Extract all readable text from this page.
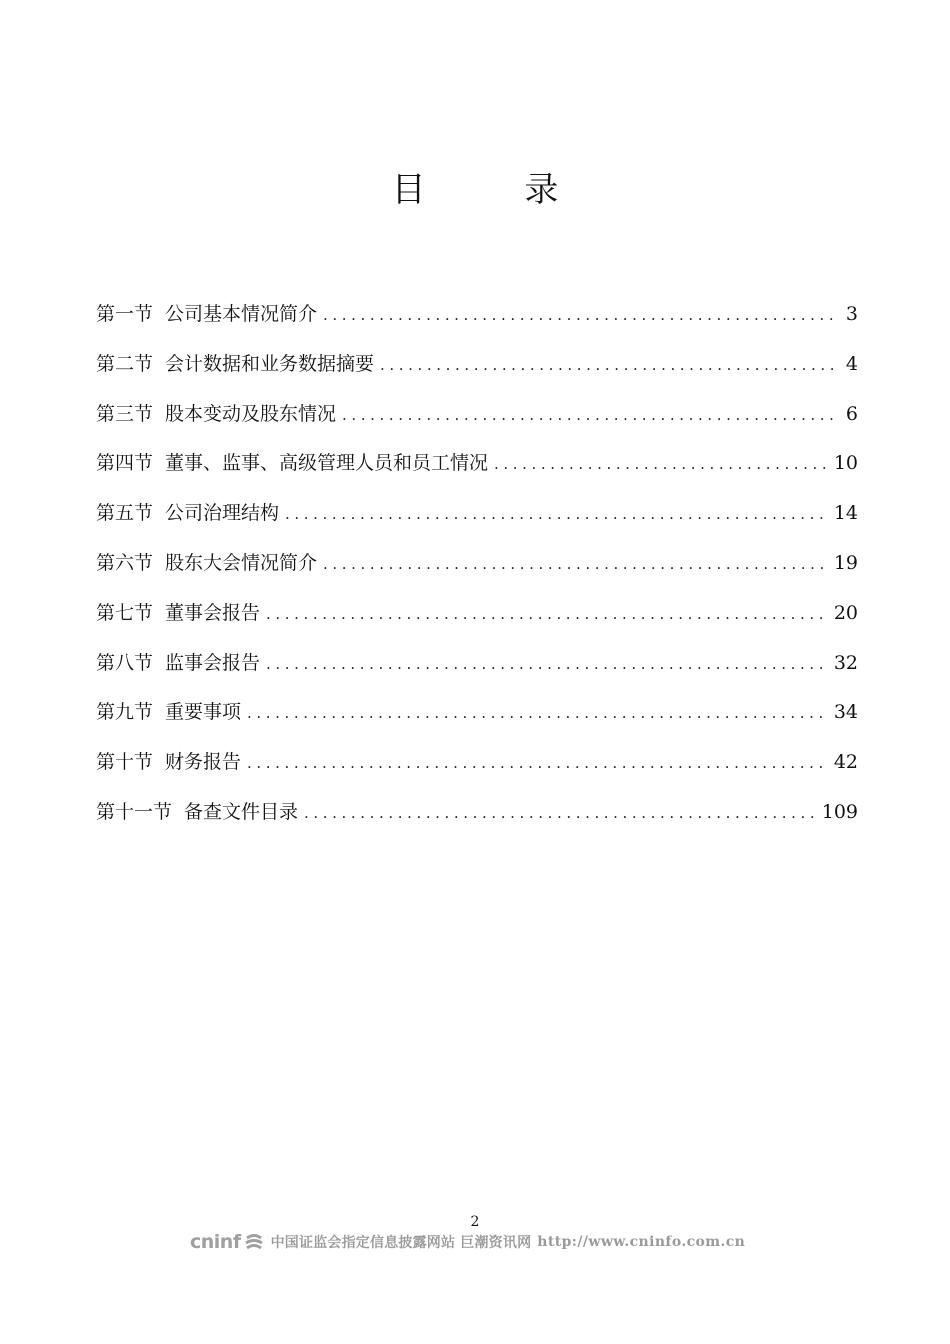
目 录
第一节 公司基本情况简介 .....	3
第二节 会计数据和业务数据摘要 .....	4
第三节 股本变动及股东情况 .....	6
第四节 董事、监事、高级管理人员和员工情况 .....	10
第五节 公司治理结构 .....	14
第六节 股东大会情况简介 .....	19
第七节 董事会报告 .....	20
第八节 监事会报告 .....	32
第九节 重要事项 .....	34
第十节 财务报告 .....	42
第十一节 备查文件目录 .....	109
2
cninf 中国证监会指定信息披露网站 巨潮资讯网 http://www.cninfo.com.cn
